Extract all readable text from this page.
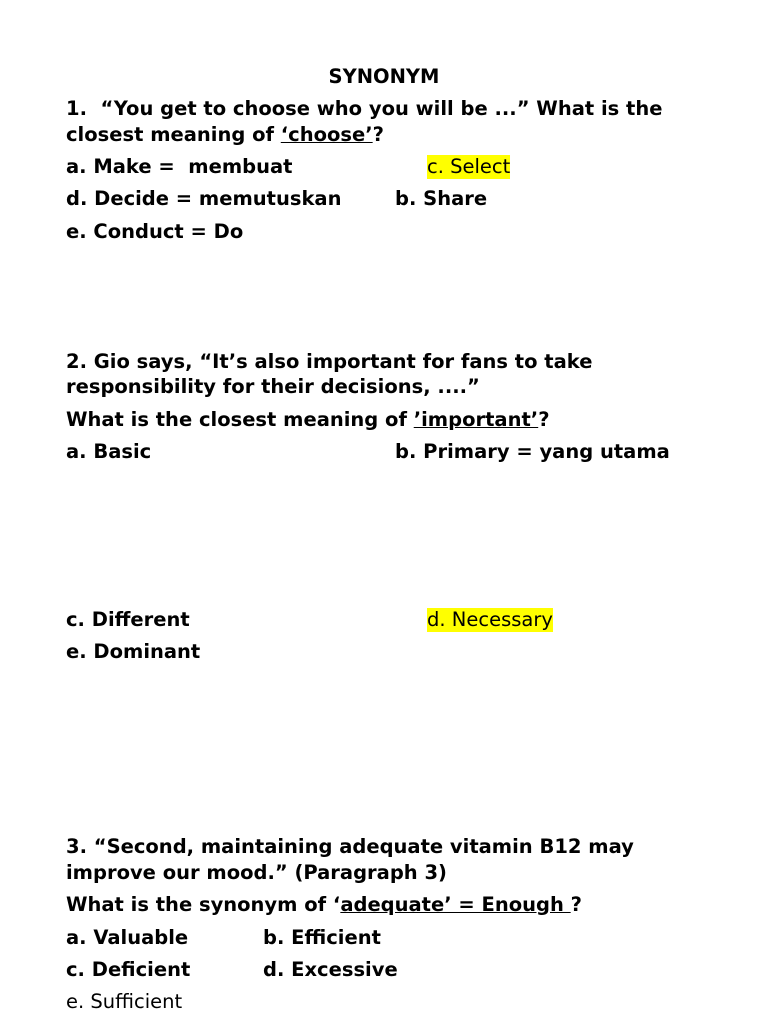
SYNONYM
1.  “You get to choose who you will be ...” What is the
closest meaning of ‘choose’?
a. Make =  membuat	c. Select
d. Decide = memutuskan	b. Share
e. Conduct = Do
2. Gio says, “It’s also important for fans to take
responsibility for their decisions, ....”
What is the closest meaning of ’important’?
a. Basic	b. Primary = yang utama
c. Different	d. Necessary
e. Dominant
3. “Second, maintaining adequate vitamin B12 may
improve our mood.” (Paragraph 3)
What is the synonym of ‘adequate’ = Enough ?
a. Valuable	b. Efficient
c. Deficient	d. Excessive
e. Sufficient
